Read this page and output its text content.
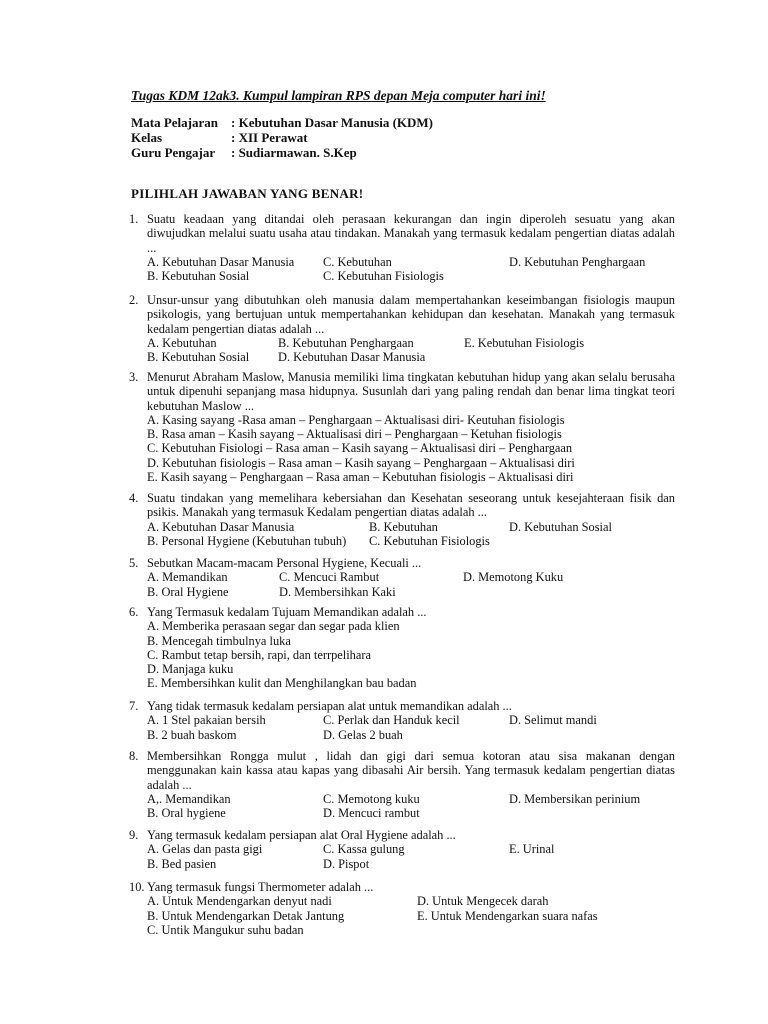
Tugas KDM 12ak3. Kumpul lampiran RPS depan Meja computer hari ini!
Mata Pelajaran : Kebutuhan Dasar Manusia (KDM)
Kelas	: XII Perawat
Guru Pengajar : Sudiarmawan. S.Kep
PILIHLAH JAWABAN YANG BENAR!
1. Suatu keadaan yang ditandai oleh perasaan kekurangan dan ingin diperoleh sesuatu yang akan diwujudkan melalui suatu usaha atau tindakan. Manakah yang termasuk kedalam pengertian diatas adalah ...
A. Kebutuhan Dasar Manusia C. Kebutuhan	D. Kebutuhan Penghargaan
B. Kebutuhan Sosial	C. Kebutuhan Fisiologis
2. Unsur-unsur yang dibutuhkan oleh manusia dalam mempertahankan keseimbangan fisiologis maupun psikologis, yang bertujuan untuk mempertahankan kehidupan dan kesehatan. Manakah yang termasuk kedalam pengertian diatas adalah ...
A. Kebutuhan	B. Kebutuhan Penghargaan	E. Kebutuhan Fisiologis
B. Kebutuhan Sosial D. Kebutuhan Dasar Manusia
3. Menurut Abraham Maslow, Manusia memiliki lima tingkatan kebutuhan hidup yang akan selalu berusaha untuk dipenuhi sepanjang masa hidupnya. Susunlah dari yang paling rendah dan benar lima tingkat teori kebutuhan Maslow ...
A. Kasing sayang -Rasa aman – Penghargaan – Aktualisasi diri- Keutuhan fisiologis
B. Rasa aman – Kasih sayang – Aktualisasi diri – Penghargaan – Ketuhan fisiologis
C. Kebutuhan Fisiologi – Rasa aman – Kasih sayang – Aktualisasi diri – Penghargaan
D. Kebutuhan fisiologis – Rasa aman – Kasih sayang – Penghargaan – Aktualisasi diri
E. Kasih sayang – Penghargaan – Rasa aman – Kebutuhan fisiologis – Aktualisasi diri
4. Suatu tindakan yang memelihara kebersiahan dan Kesehatan seseorang untuk kesejahteraan fisik dan psikis. Manakah yang termasuk Kedalam pengertian diatas adalah ...
A. Kebutuhan Dasar Manusia	B. Kebutuhan	D. Kebutuhan Sosial
B. Personal Hygiene (Kebutuhan tubuh) C. Kebutuhan Fisiologis
5. Sebutkan Macam-macam Personal Hygiene, Kecuali ...
A. Memandikan	C. Mencuci Rambut	D. Memotong Kuku
B. Oral Hygiene	D. Membersihkan Kaki
6. Yang Termasuk kedalam Tujuam Memandikan adalah ...
A. Memberika perasaan segar dan segar pada klien
B. Mencegah timbulnya luka
C. Rambut tetap bersih, rapi, dan terrpelihara
D. Manjaga kuku
E. Membersihkan kulit dan Menghilangkan bau badan
7. Yang tidak termasuk kedalam persiapan alat untuk memandikan adalah ...
A. 1 Stel pakaian bersih	C. Perlak dan Handuk kecil	D. Selimut mandi
B. 2 buah baskom	D. Gelas 2 buah
8. Membersihkan Rongga mulut , lidah dan gigi dari semua kotoran atau sisa makanan dengan menggunakan kain kassa atau kapas yang dibasahi Air bersih. Yang termasuk kedalam pengertian diatas adalah ...
A,. Memandikan	C. Memotong kuku	D. Membersikan perinium
B. Oral hygiene	D. Mencuci rambut
9. Yang termasuk kedalam persiapan alat Oral Hygiene adalah ...
A. Gelas dan pasta gigi	C. Kassa gulung	E. Urinal
B. Bed pasien	D. Pispot
10. Yang termasuk fungsi Thermometer adalah ...
A. Untuk Mendengarkan denyut nadi	D. Untuk Mengecek darah
B. Untuk Mendengarkan Detak Jantung	E. Untuk Mendengarkan suara nafas
C. Untik Mangukur suhu badan
